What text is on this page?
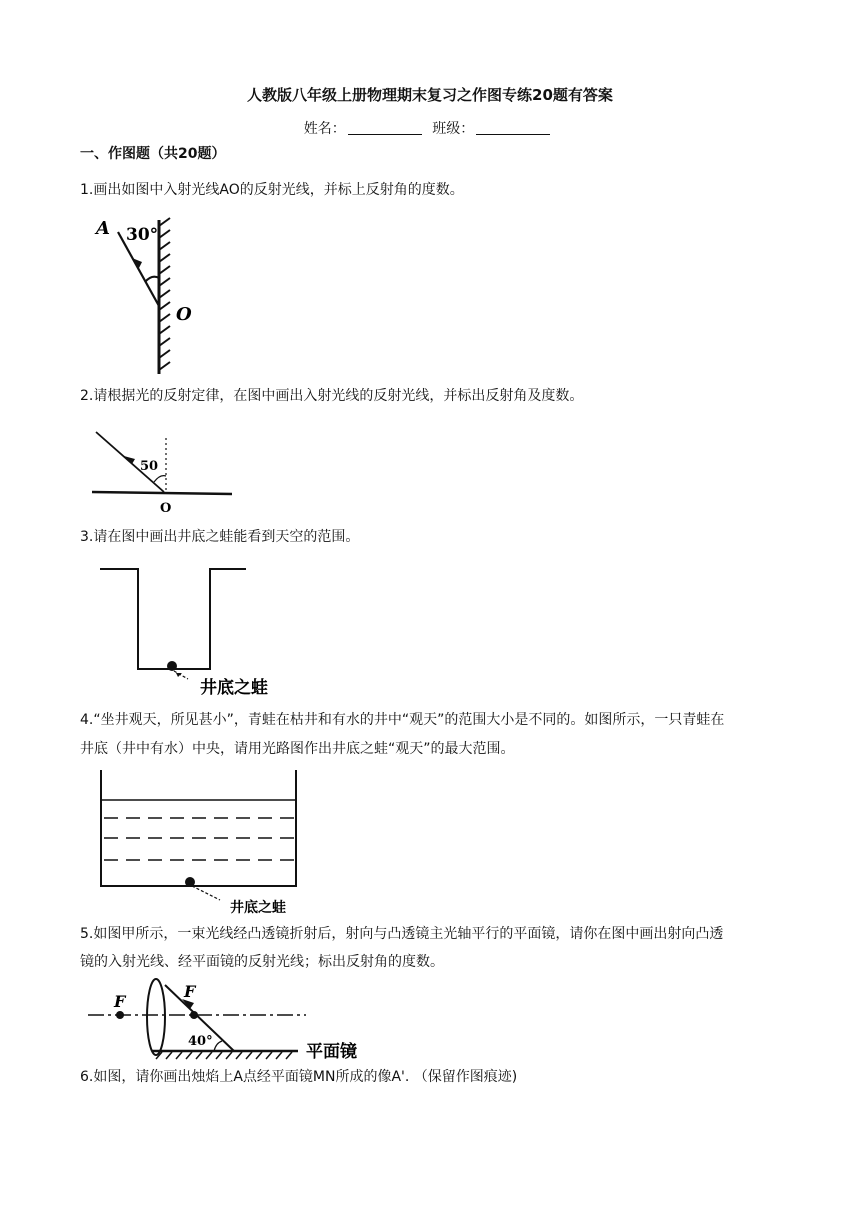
人教版八年级上册物理期末复习之作图专练20题有答案
姓名：	班级：
一、作图题（共20题）
1.画出如图中入射光线AO的反射光线，并标上反射角的度数。
A 30°
O
2.请根据光的反射定律，在图中画出入射光线的反射光线，并标出反射角及度数。
50
O
3.请在图中画出井底之蛙能看到天空的范围。
井底之蛙
4.“坐井观天，所见甚小”，青蛙在枯井和有水的井中“观天”的范围大小是不同的。如图所示，一只青蛙在
井底（井中有水）中央，请用光路图作出井底之蛙“观天”的最大范围。
井底之蛙
5.如图甲所示，一束光线经凸透镜折射后，射向与凸透镜主光轴平行的平面镜，请你在图中画出射向凸透
镜的入射光线、经平面镜的反射光线；标出反射角的度数。
F
F
40°
平面镜
6.如图，请你画出烛焰上A点经平面镜MN所成的像A'. （保留作图痕迹)
